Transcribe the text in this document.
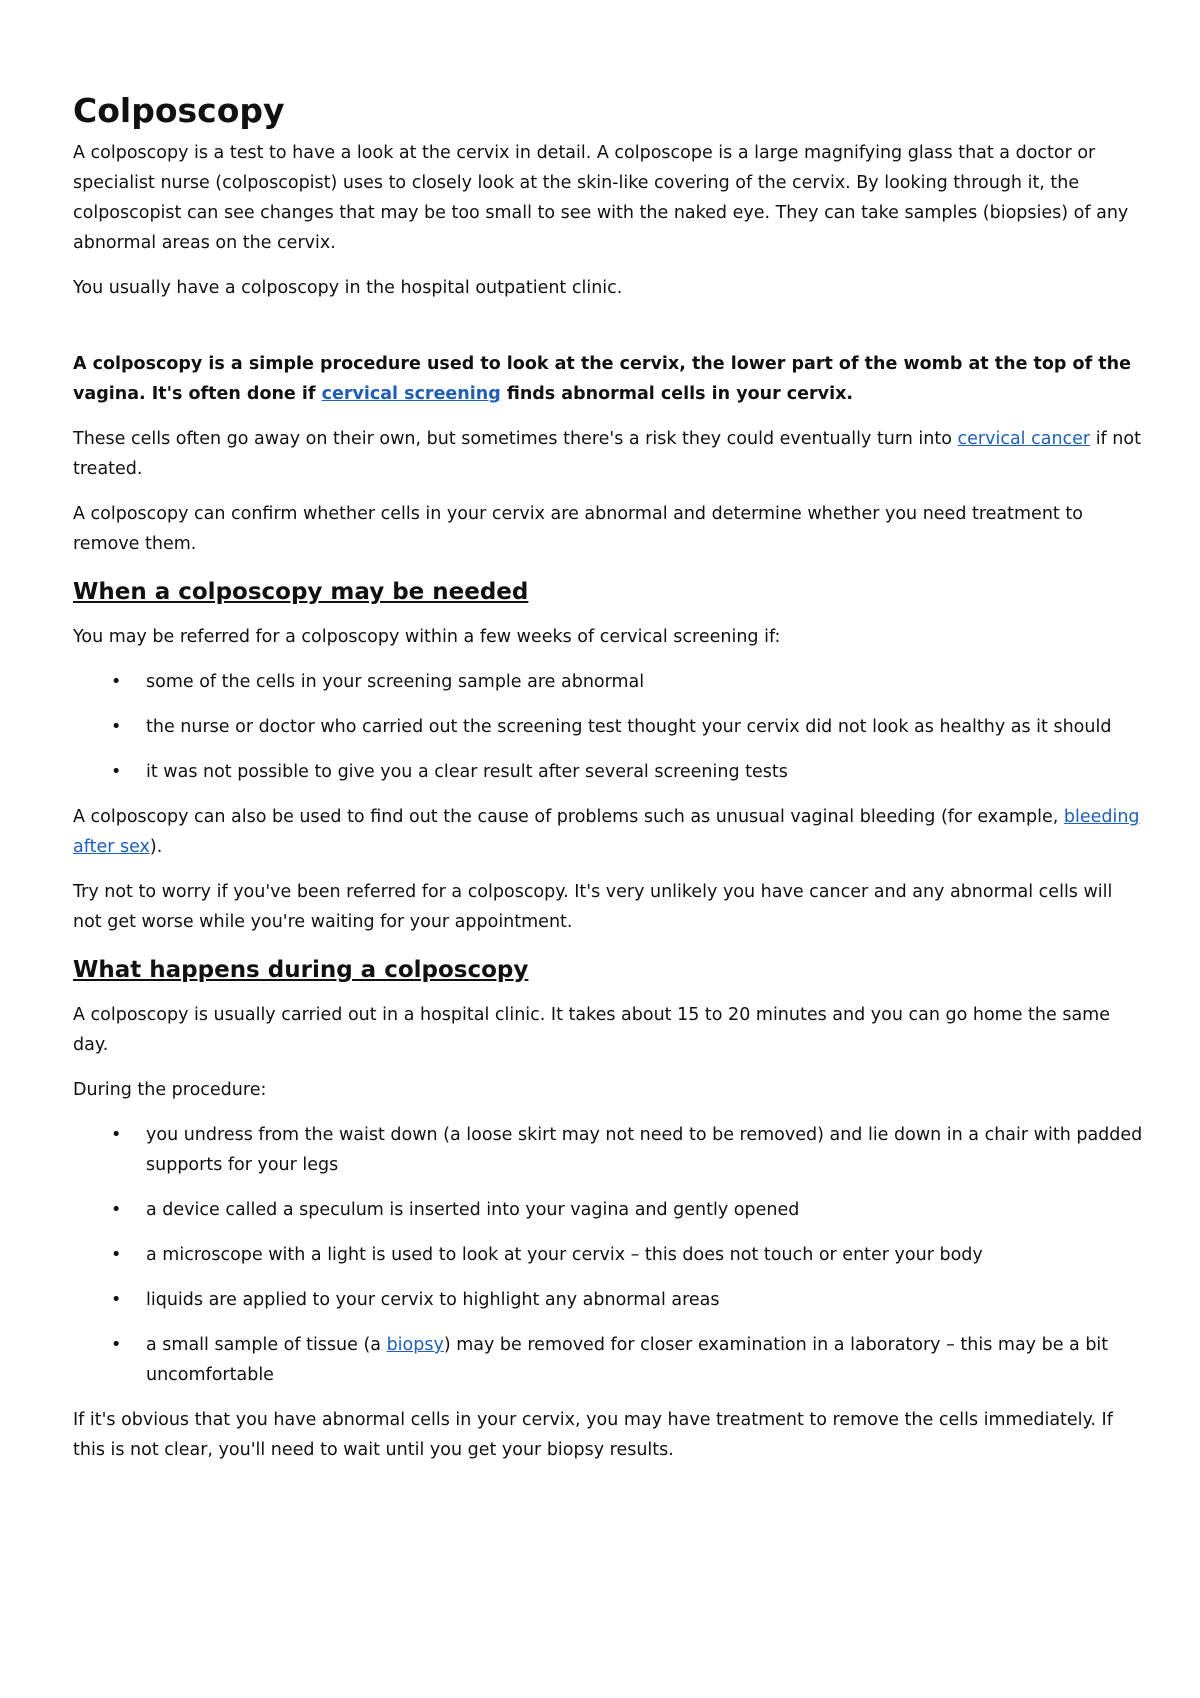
Colposcopy

A colposcopy is a test to have a look at the cervix in detail. A colposcope is a large magnifying glass that a doctor or specialist nurse (colposcopist) uses to closely look at the skin-like covering of the cervix. By looking through it, the colposcopist can see changes that may be too small to see with the naked eye. They can take samples (biopsies) of any abnormal areas on the cervix.

You usually have a colposcopy in the hospital outpatient clinic.

A colposcopy is a simple procedure used to look at the cervix, the lower part of the womb at the top of the vagina. It's often done if cervical screening finds abnormal cells in your cervix.

These cells often go away on their own, but sometimes there's a risk they could eventually turn into cervical cancer if not treated.

A colposcopy can confirm whether cells in your cervix are abnormal and determine whether you need treatment to remove them.

When a colposcopy may be needed

You may be referred for a colposcopy within a few weeks of cervical screening if:

• some of the cells in your screening sample are abnormal
• the nurse or doctor who carried out the screening test thought your cervix did not look as healthy as it should
• it was not possible to give you a clear result after several screening tests

A colposcopy can also be used to find out the cause of problems such as unusual vaginal bleeding (for example, bleeding after sex).

Try not to worry if you've been referred for a colposcopy. It's very unlikely you have cancer and any abnormal cells will not get worse while you're waiting for your appointment.

What happens during a colposcopy

A colposcopy is usually carried out in a hospital clinic. It takes about 15 to 20 minutes and you can go home the same day.

During the procedure:

• you undress from the waist down (a loose skirt may not need to be removed) and lie down in a chair with padded supports for your legs
• a device called a speculum is inserted into your vagina and gently opened
• a microscope with a light is used to look at your cervix – this does not touch or enter your body
• liquids are applied to your cervix to highlight any abnormal areas
• a small sample of tissue (a biopsy) may be removed for closer examination in a laboratory – this may be a bit uncomfortable

If it's obvious that you have abnormal cells in your cervix, you may have treatment to remove the cells immediately. If this is not clear, you'll need to wait until you get your biopsy results.
